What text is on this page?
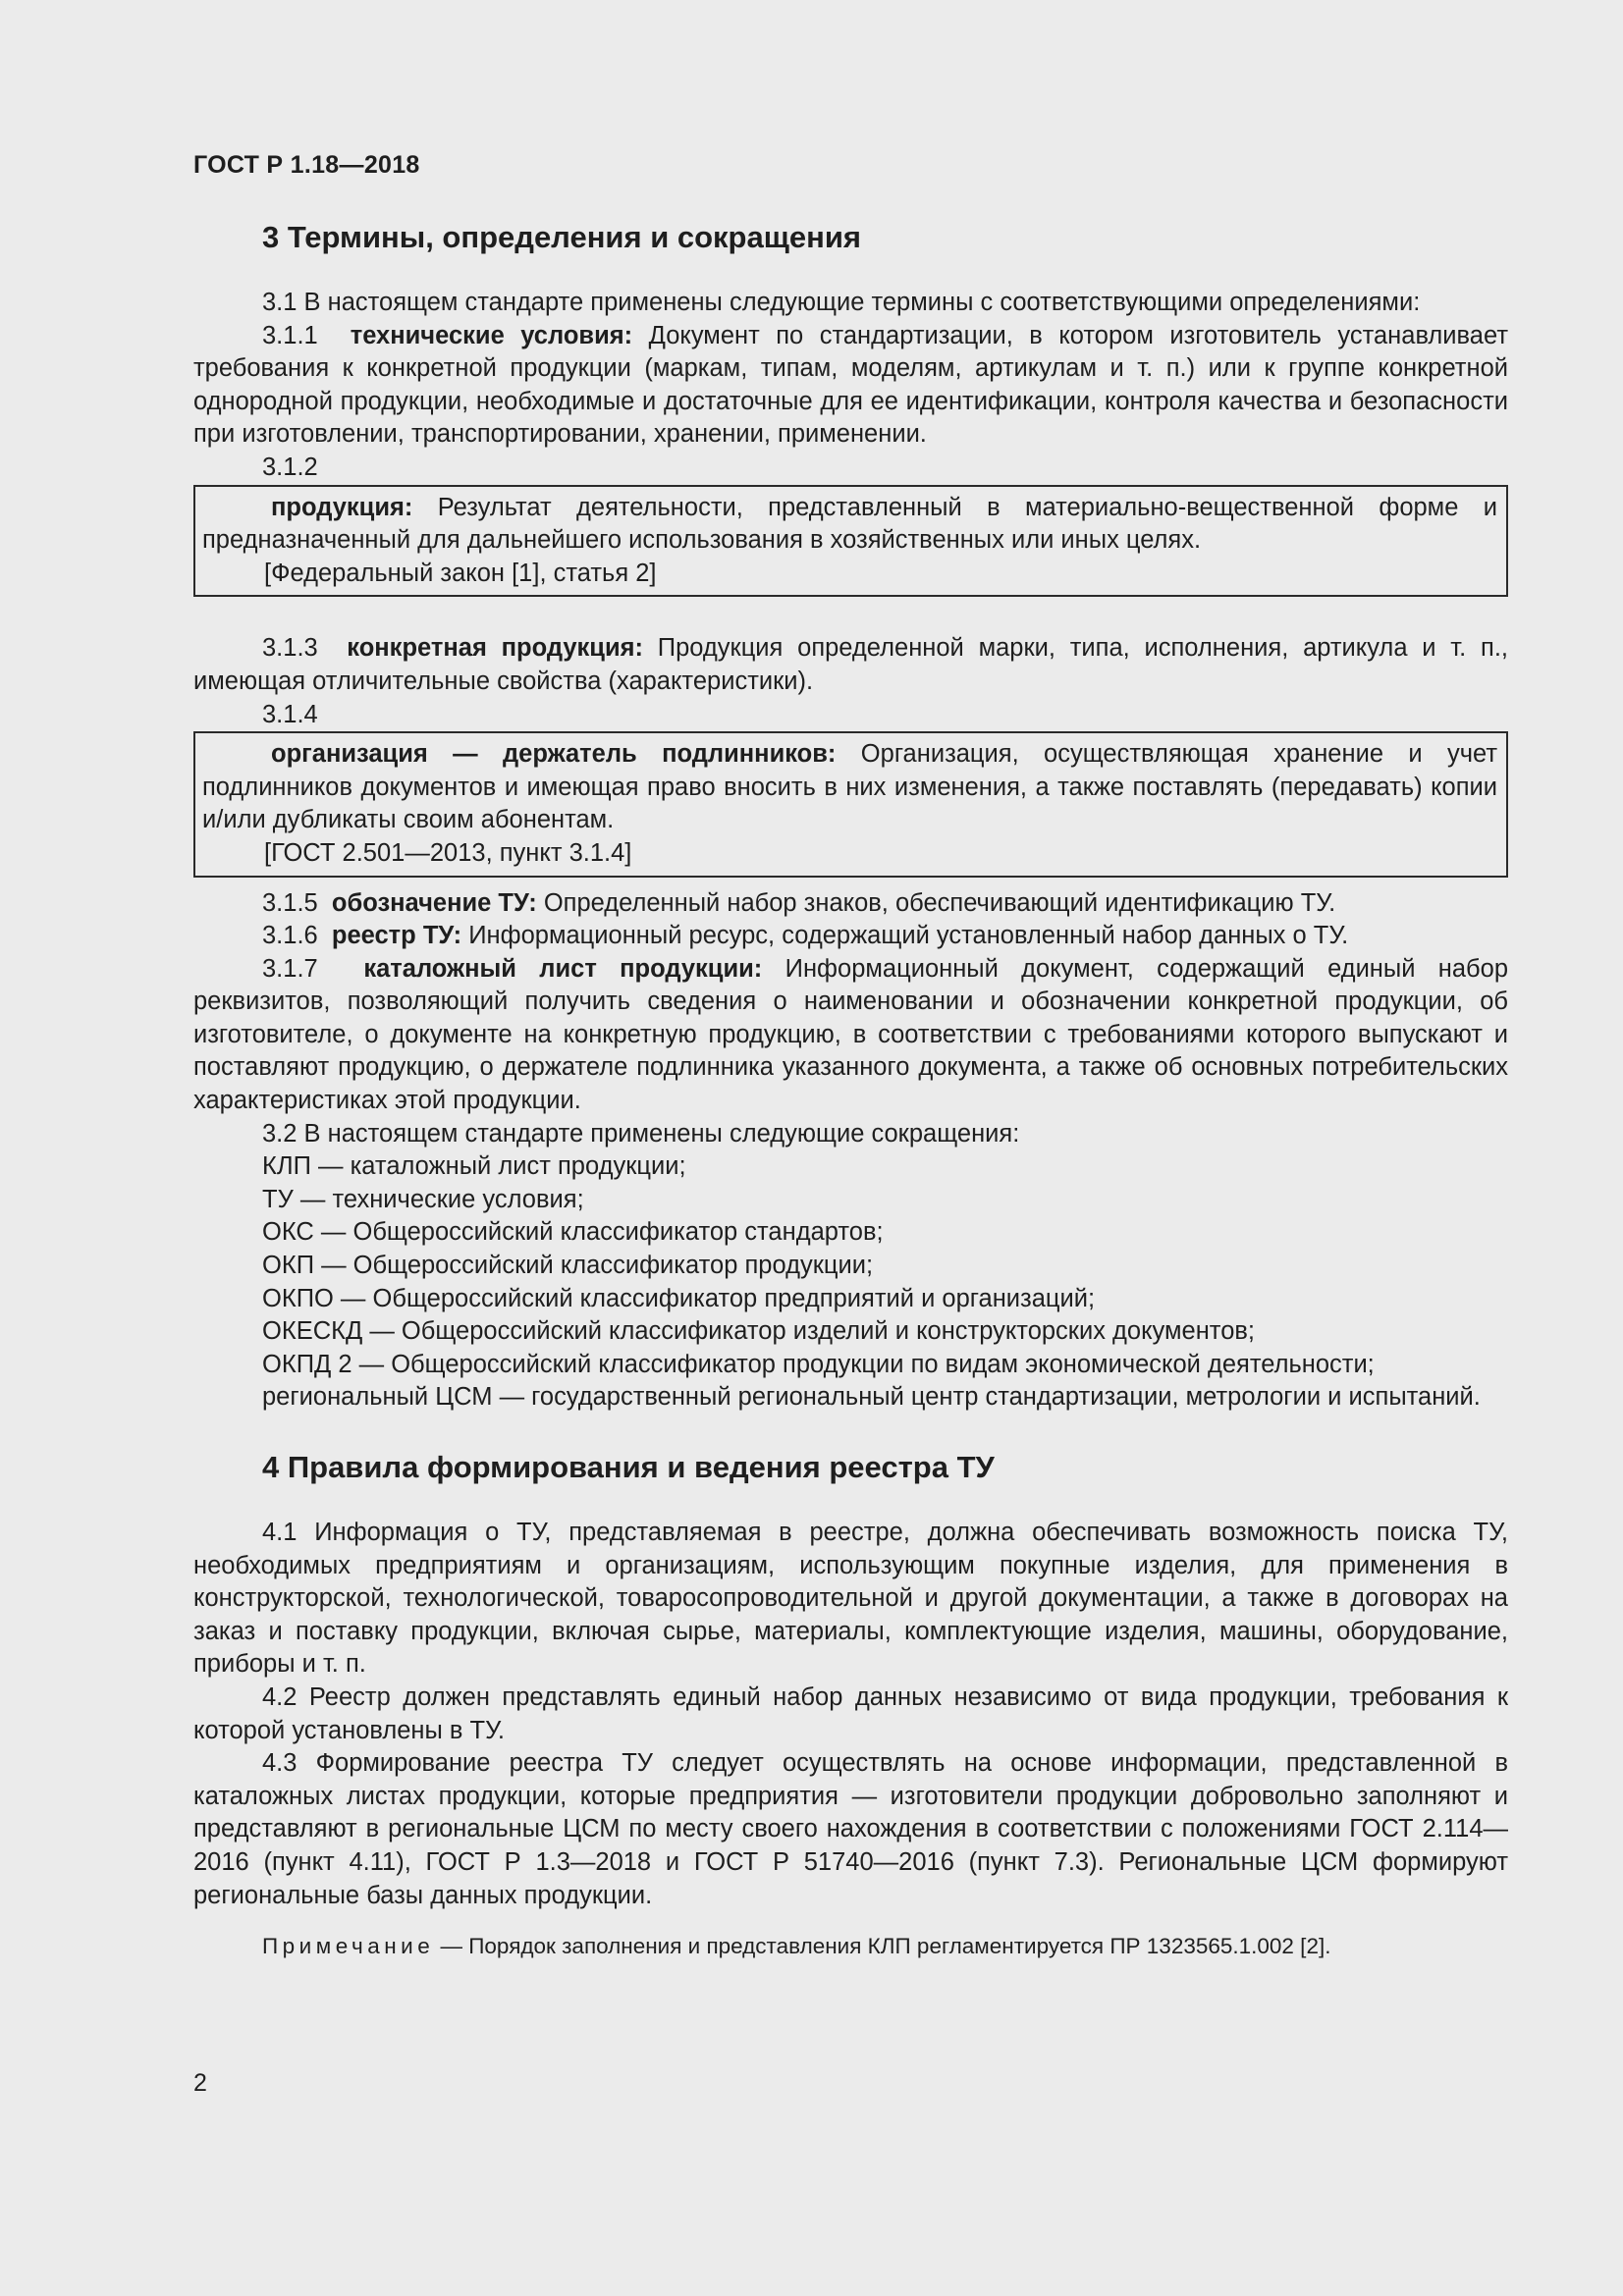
ГОСТ Р 1.18—2018
3 Термины, определения и сокращения

3.1 В настоящем стандарте применены следующие термины с соответствующими определениями:

3.1.1 технические условия: Документ по стандартизации, в котором изготовитель устанавливает требования к конкретной продукции (маркам, типам, моделям, артикулам и т. п.) или к группе конкретной однородной продукции, необходимые и достаточные для ее идентификации, контроля качества и безопасности при изготовлении, транспортировании, хранении, применении.

3.1.2

продукция: Результат деятельности, представленный в материально-вещественной форме и предназначенный для дальнейшего использования в хозяйственных или иных целях.

[Федеральный закон [1], статья 2]

3.1.3 конкретная продукция: Продукция определенной марки, типа, исполнения, артикула и т. п., имеющая отличительные свойства (характеристики).

3.1.4

организация — держатель подлинников: Организация, осуществляющая хранение и учет подлинников документов и имеющая право вносить в них изменения, а также поставлять (передавать) копии и/или дубликаты своим абонентам.

[ГОСТ 2.501—2013, пункт 3.1.4]

3.1.5 обозначение ТУ: Определенный набор знаков, обеспечивающий идентификацию ТУ.

3.1.6 реестр ТУ: Информационный ресурс, содержащий установленный набор данных о ТУ.

3.1.7 каталожный лист продукции: Информационный документ, содержащий единый набор реквизитов, позволяющий получить сведения о наименовании и обозначении конкретной продукции, об изготовителе, о документе на конкретную продукцию, в соответствии с требованиями которого выпускают и поставляют продукцию, о держателе подлинника указанного документа, а также об основных потребительских характеристиках этой продукции.

3.2 В настоящем стандарте применены следующие сокращения:

КЛП — каталожный лист продукции;

ТУ — технические условия;

ОКС — Общероссийский классификатор стандартов;

ОКП — Общероссийский классификатор продукции;

ОКПО — Общероссийский классификатор предприятий и организаций;

ОКЕСКД — Общероссийский классификатор изделий и конструкторских документов;

ОКПД 2 — Общероссийский классификатор продукции по видам экономической деятельности;

региональный ЦСМ — государственный региональный центр стандартизации, метрологии и испытаний.

4 Правила формирования и ведения реестра ТУ

4.1 Информация о ТУ, представляемая в реестре, должна обеспечивать возможность поиска ТУ, необходимых предприятиям и организациям, использующим покупные изделия, для применения в конструкторской, технологической, товаросопроводительной и другой документации, а также в договорах на заказ и поставку продукции, включая сырье, материалы, комплектующие изделия, машины, оборудование, приборы и т. п.

4.2 Реестр должен представлять единый набор данных независимо от вида продукции, требования к которой установлены в ТУ.

4.3 Формирование реестра ТУ следует осуществлять на основе информации, представленной в каталожных листах продукции, которые предприятия — изготовители продукции добровольно заполняют и представляют в региональные ЦСМ по месту своего нахождения в соответствии с положениями ГОСТ 2.114—2016 (пункт 4.11), ГОСТ Р 1.3—2018 и ГОСТ Р 51740—2016 (пункт 7.3). Региональные ЦСМ формируют региональные базы данных продукции.

Примечание — Порядок заполнения и представления КЛП регламентируется ПР 1323565.1.002 [2].

2
